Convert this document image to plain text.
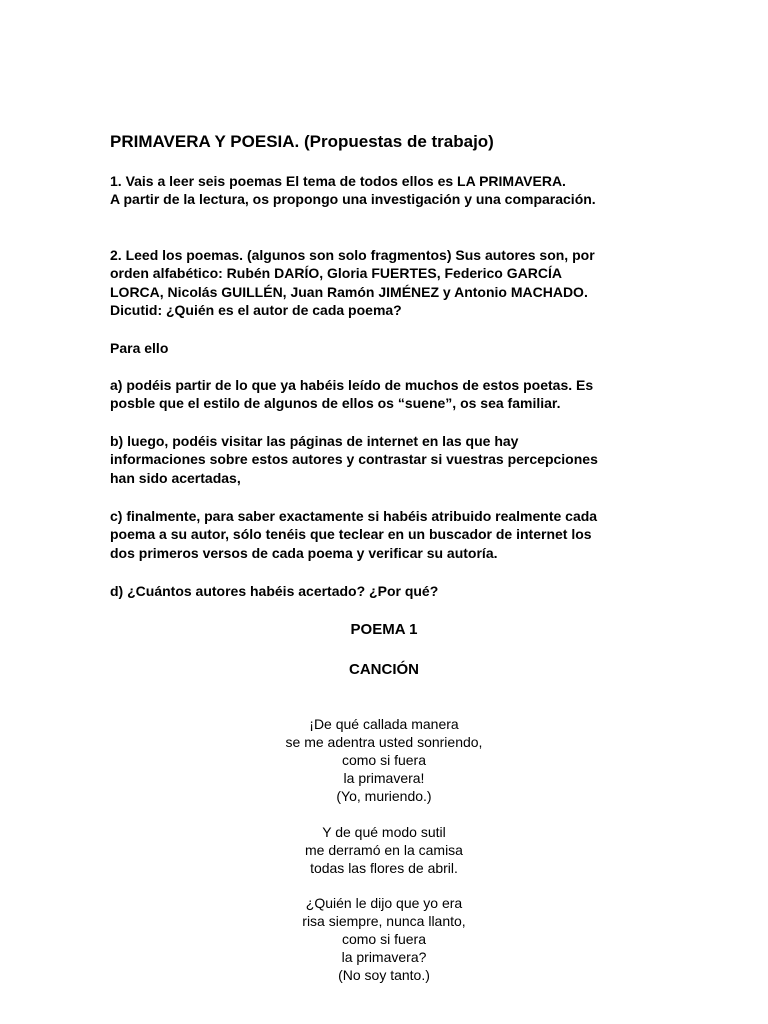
PRIMAVERA Y POESIA. (Propuestas de trabajo)
1. Vais a leer seis poemas El tema de todos ellos es LA PRIMAVERA.
A partir de la lectura, os propongo una investigación y una comparación.
2. Leed los poemas. (algunos son solo fragmentos) Sus autores son, por
orden alfabético: Rubén DARÍO, Gloria FUERTES, Federico GARCÍA
LORCA, Nicolás GUILLÉN, Juan Ramón JIMÉNEZ y Antonio MACHADO.
Dicutid: ¿Quién es el autor de cada poema?
Para ello
a) podéis partir de lo que ya habéis leído de muchos de estos poetas. Es
posble que el estilo de algunos de ellos os “suene”, os sea familiar.
b) luego, podéis visitar las páginas de internet en las que hay
informaciones sobre estos autores y contrastar si vuestras percepciones
han sido acertadas,
c) finalmente, para saber exactamente si habéis atribuido realmente cada
poema a su autor, sólo tenéis que teclear en un buscador de internet los
dos primeros versos de cada poema y verificar su autoría.
d) ¿Cuántos autores habéis acertado? ¿Por qué?
POEMA 1
CANCIÓN
¡De qué callada manera
se me adentra usted sonriendo,
como si fuera
la primavera!
(Yo, muriendo.)
Y de qué modo sutil
me derramó en la camisa
todas las flores de abril.
¿Quién le dijo que yo era
risa siempre, nunca llanto,
como si fuera
la primavera?
(No soy tanto.)
